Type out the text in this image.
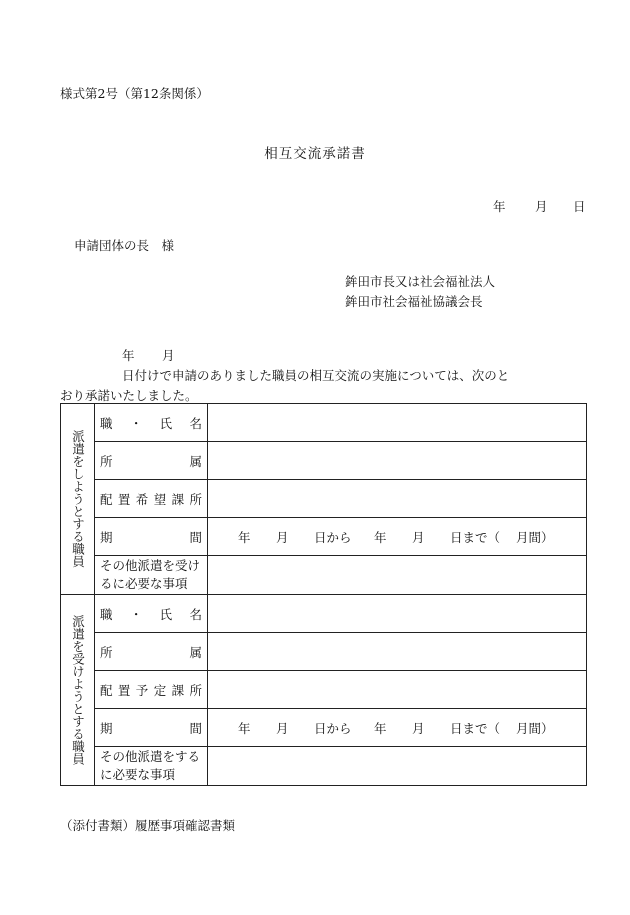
様式第2号（第12条関係）
相互交流承諾書
年 月 日
申請団体の長　様
鉾田市長又は社会福祉法人
鉾田市社会福祉協議会長
年 月日付けで申請のありました職員の相互交流の実施については、次のと
おり承諾いたしました。
派遣をしようとする職員	職・氏名	
	所属	
	配置希望課所	
	期間	年 月 日から 年 月 日まで（ 月間）
	その他派遣を受けるに必要な事項	

派遣を受けようとする職員	職・氏名	
	所属	
	配置予定課所	
	期間	年 月 日から 年 月 日まで（ 月間）
	その他派遣をするに必要な事項	
（添付書類）履歴事項確認書類
